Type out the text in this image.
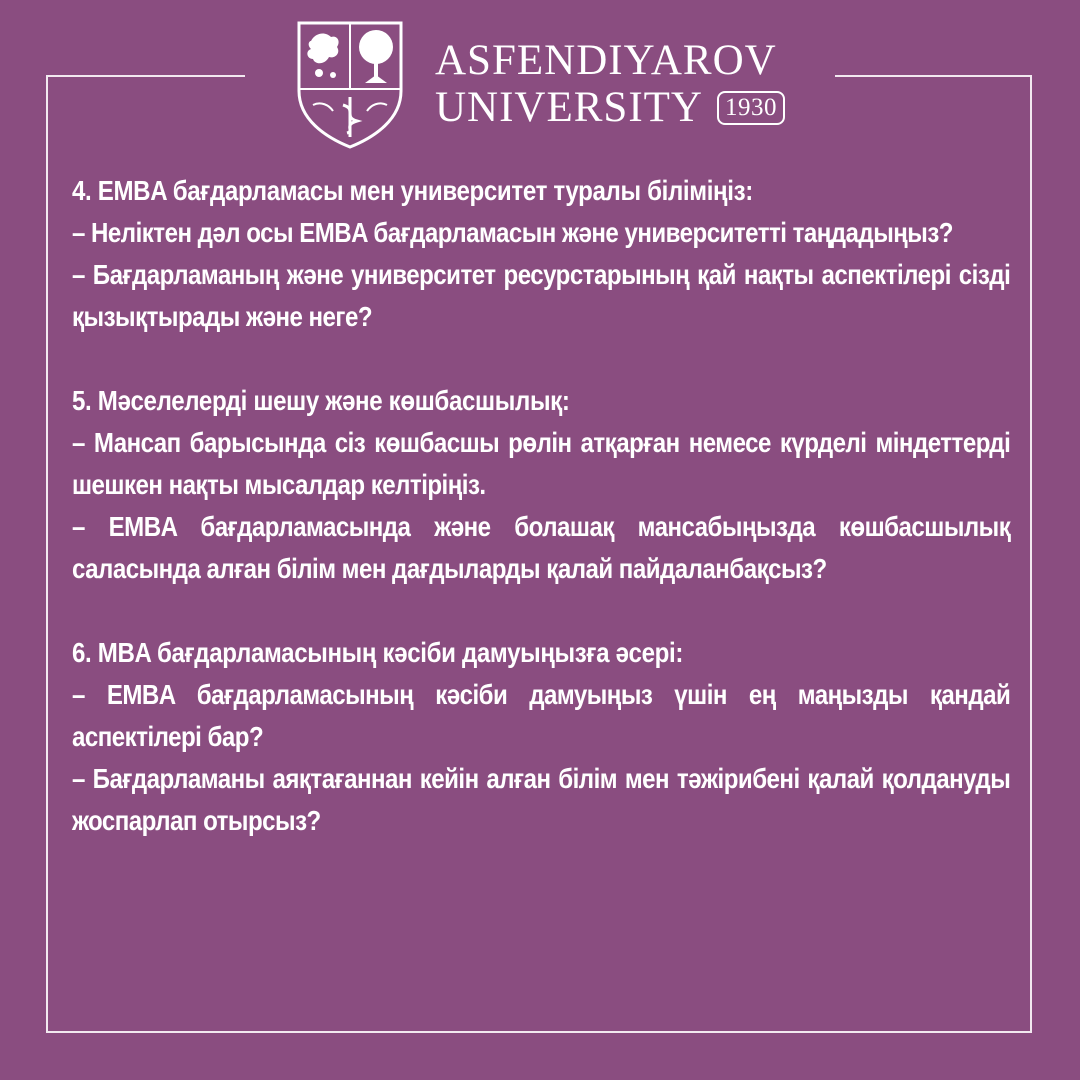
ASFENDIYAROV
UNIVERSITY 1930
4. EMBA бағдарламасы мен университет туралы біліміңіз:
– Неліктен дәл осы EMBA бағдарламасын және университетті таңдадыңыз?
– Бағдарламаның және университет ресурстарының қай нақты аспектілері сізді қызықтырады және неге?
5. Мәселелерді шешу және көшбасшылық:
– Мансап барысында сіз көшбасшы рөлін атқарған немесе күрделі міндеттерді шешкен нақты мысалдар келтіріңіз.
– EMBA бағдарламасында және болашақ мансабыңызда көшбасшылық саласында алған білім мен дағдыларды қалай пайдаланбақсыз?
6. MBA бағдарламасының кәсіби дамуыңызға әсері:
– EMBA бағдарламасының кәсіби дамуыңыз үшін ең маңызды қандай аспектілері бар?
– Бағдарламаны аяқтағаннан кейін алған білім мен тәжірибені қалай қолдануды жоспарлап отырсыз?
